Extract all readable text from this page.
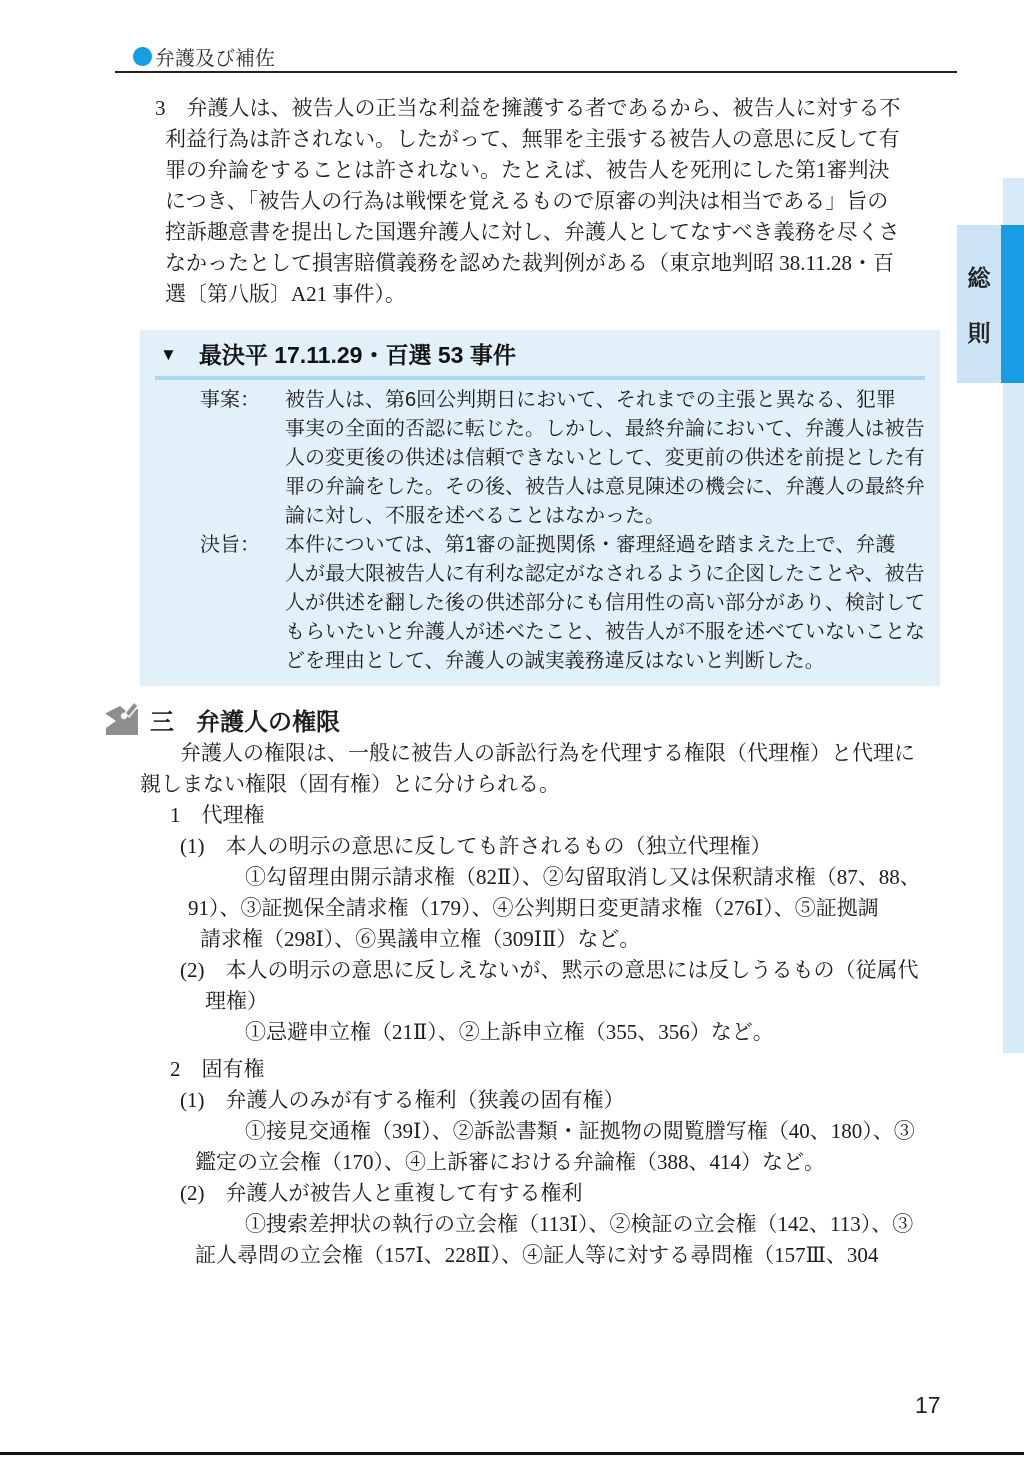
弁護及び補佐
総
則
3　弁護人は、被告人の正当な利益を擁護する者であるから、被告人に対する不
利益行為は許されない。したがって、無罪を主張する被告人の意思に反して有
罪の弁論をすることは許されない。たとえば、被告人を死刑にした第1審判決
につき、「被告人の行為は戦慄を覚えるもので原審の判決は相当である」旨の
控訴趣意書を提出した国選弁護人に対し、弁護人としてなすべき義務を尽くさ
なかったとして損害賠償義務を認めた裁判例がある（東京地判昭 38.11.28・百
選〔第八版〕A21 事件）。
▼ 最決平 17.11.29・百選 53 事件
事案： 被告人は、第6回公判期日において、それまでの主張と異なる、犯罪
事実の全面的否認に転じた。しかし、最終弁論において、弁護人は被告
人の変更後の供述は信頼できないとして、変更前の供述を前提とした有
罪の弁論をした。その後、被告人は意見陳述の機会に、弁護人の最終弁
論に対し、不服を述べることはなかった。
決旨： 本件については、第1審の証拠関係・審理経過を踏まえた上で、弁護
人が最大限被告人に有利な認定がなされるように企図したことや、被告
人が供述を翻した後の供述部分にも信用性の高い部分があり、検討して
もらいたいと弁護人が述べたこと、被告人が不服を述べていないことな
どを理由として、弁護人の誠実義務違反はないと判断した。
三 弁護人の権限
弁護人の権限は、一般に被告人の訴訟行為を代理する権限（代理権）と代理に
親しまない権限（固有権）とに分けられる。
1　代理権
(1)　本人の明示の意思に反しても許されるもの（独立代理権）
①勾留理由開示請求権（82Ⅱ）、②勾留取消し又は保釈請求権（87、88、
91）、③証拠保全請求権（179）、④公判期日変更請求権（276Ⅰ）、⑤証拠調
請求権（298Ⅰ）、⑥異議申立権（309ⅠⅡ）など。
(2)　本人の明示の意思に反しえないが、黙示の意思には反しうるもの（従属代
理権）
①忌避申立権（21Ⅱ）、②上訴申立権（355、356）など。
2　固有権
(1)　弁護人のみが有する権利（狭義の固有権）
①接見交通権（39Ⅰ）、②訴訟書類・証拠物の閲覧謄写権（40、180）、③
鑑定の立会権（170）、④上訴審における弁論権（388、414）など。
(2)　弁護人が被告人と重複して有する権利
①捜索差押状の執行の立会権（113Ⅰ）、②検証の立会権（142、113）、③
証人尋問の立会権（157Ⅰ、228Ⅱ）、④証人等に対する尋問権（157Ⅲ、304
17
